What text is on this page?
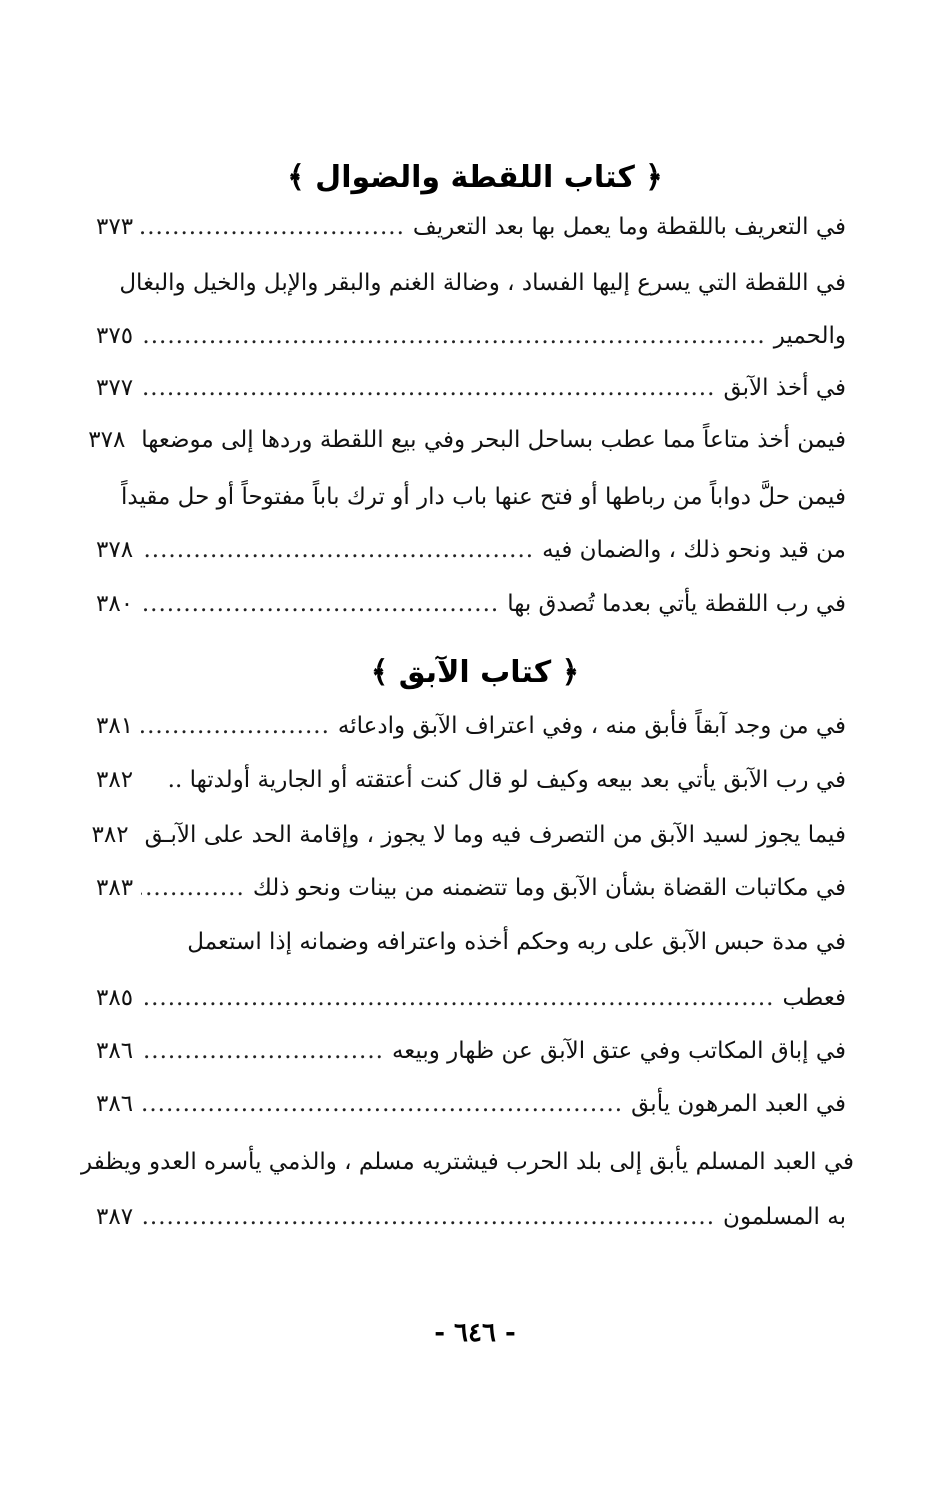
﴿ كتاب اللقطة والضوال ﴾
في التعريف باللقطة وما يعمل بها بعد التعريف
.....
٣٧٣
في اللقطة التي يسرع إليها الفساد ، وضالة الغنم والبقر والإبل والخيل والبغال
والحمير
.....
٣٧٥
في أخذ الآبق
.....
٣٧٧
فيمن أخذ متاعاً مما عطب بساحل البحر وفي بيع اللقطة وردها إلى موضعها
٣٧٨
فيمن حلَّ دواباً من رباطها أو فتح عنها باب دار أو ترك باباً مفتوحاً أو حل مقيداً
من قيد ونحو ذلك ، والضمان فيه
.....
٣٧٨
في رب اللقطة يأتي بعدما تُصدق بها
.....
٣٨٠
﴿ كتاب الآبق ﴾
في من وجد آبقاً فأبق منه ، وفي اعتراف الآبق وادعائه
.....
٣٨١
في رب الآبق يأتي بعد بيعه وكيف لو قال كنت أعتقته أو الجارية أولدتها ..
٣٨٢
فيما يجوز لسيد الآبق من التصرف فيه وما لا يجوز ، وإقامة الحد على الآبـق
٣٨٢
في مكاتبات القضاة بشأن الآبق وما تتضمنه من بينات ونحو ذلك
.....
٣٨٣
في مدة حبس الآبق على ربه وحكم أخذه واعترافه وضمانه إذا استعمل
فعطب
.....
٣٨٥
في إباق المكاتب وفي عتق الآبق عن ظهار وبيعه
.....
٣٨٦
في العبد المرهون يأبق
.....
٣٨٦
في العبد المسلم يأبق إلى بلد الحرب فيشتريه مسلم ، والذمي يأسره العدو ويظفر
به المسلمون
.....
٣٨٧
- ٦٤٦ -
